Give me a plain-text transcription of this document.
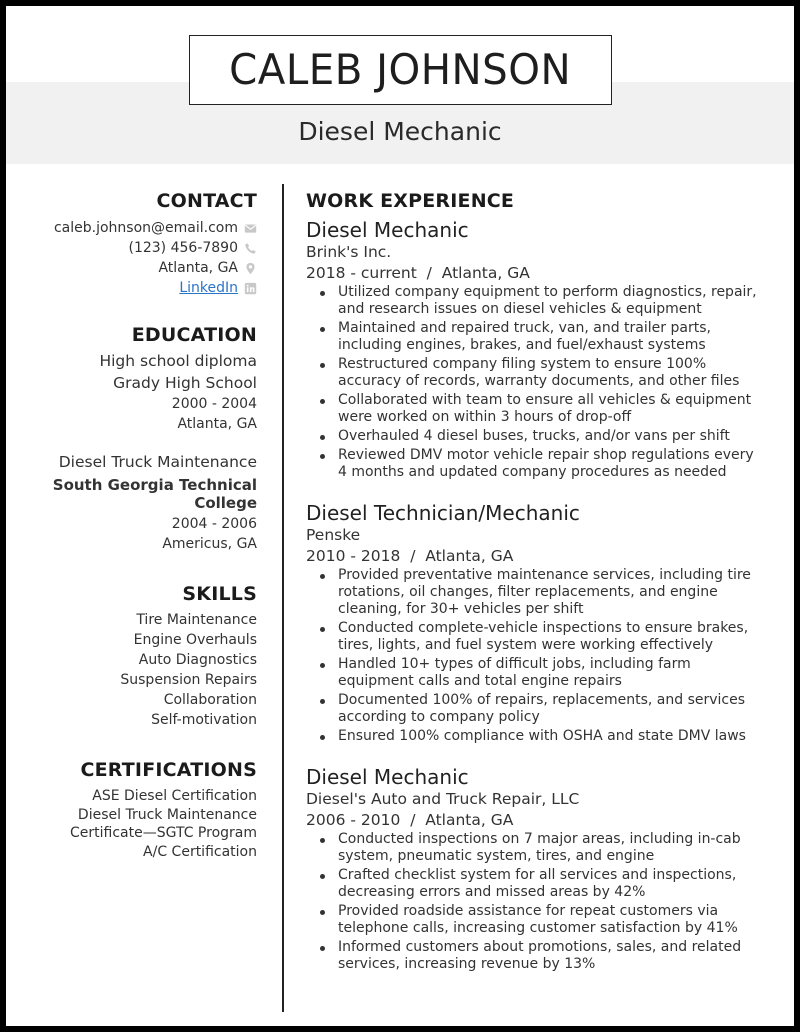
CALEB JOHNSON
Diesel Mechanic
CONTACT
caleb.johnson@email.com
(123) 456-7890
Atlanta, GA
LinkedIn
EDUCATION
High school diploma
Grady High School
2000 - 2004
Atlanta, GA
Diesel Truck Maintenance
South Georgia Technical
College
2004 - 2006
Americus, GA
SKILLS
Tire Maintenance
Engine Overhauls
Auto Diagnostics
Suspension Repairs
Collaboration
Self-motivation
CERTIFICATIONS
ASE Diesel Certification
Diesel Truck Maintenance
Certificate—SGTC Program
A/C Certification
WORK EXPERIENCE
Diesel Mechanic
Brink's Inc.
2018 - current  /  Atlanta, GA
Utilized company equipment to perform diagnostics, repair,
and research issues on diesel vehicles & equipment
Maintained and repaired truck, van, and trailer parts,
including engines, brakes, and fuel/exhaust systems
Restructured company filing system to ensure 100%
accuracy of records, warranty documents, and other files
Collaborated with team to ensure all vehicles & equipment
were worked on within 3 hours of drop-off
Overhauled 4 diesel buses, trucks, and/or vans per shift
Reviewed DMV motor vehicle repair shop regulations every
4 months and updated company procedures as needed
Diesel Technician/Mechanic
Penske
2010 - 2018  /  Atlanta, GA
Provided preventative maintenance services, including tire
rotations, oil changes, filter replacements, and engine
cleaning, for 30+ vehicles per shift
Conducted complete-vehicle inspections to ensure brakes,
tires, lights, and fuel system were working effectively
Handled 10+ types of difficult jobs, including farm
equipment calls and total engine repairs
Documented 100% of repairs, replacements, and services
according to company policy
Ensured 100% compliance with OSHA and state DMV laws
Diesel Mechanic
Diesel's Auto and Truck Repair, LLC
2006 - 2010  /  Atlanta, GA
Conducted inspections on 7 major areas, including in-cab
system, pneumatic system, tires, and engine
Crafted checklist system for all services and inspections,
decreasing errors and missed areas by 42%
Provided roadside assistance for repeat customers via
telephone calls, increasing customer satisfaction by 41%
Informed customers about promotions, sales, and related
services, increasing revenue by 13%
